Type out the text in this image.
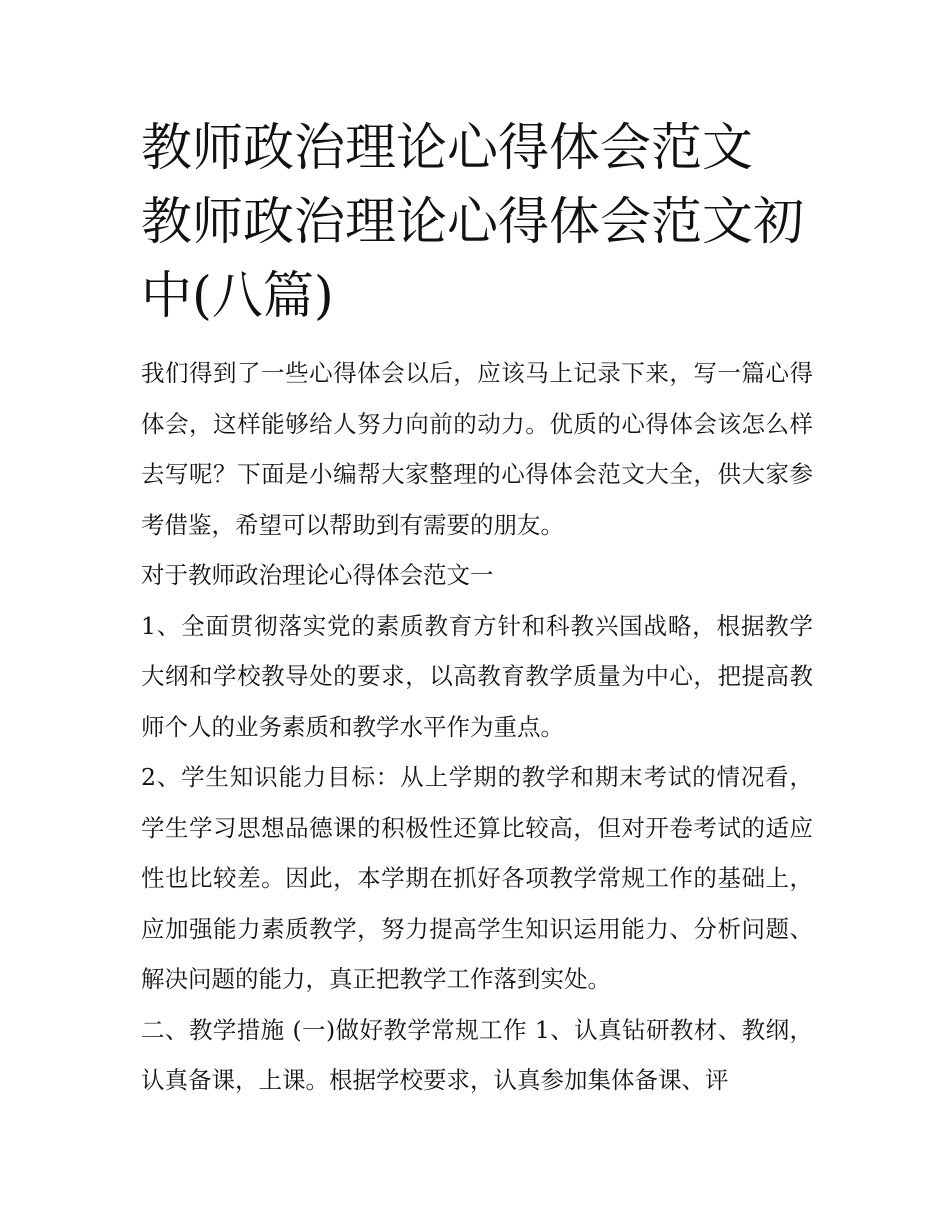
教师政治理论心得体会范文 教师政治理论心得体会范文初中(八篇)

我们得到了一些心得体会以后，应该马上记录下来，写一篇心得体会，这样能够给人努力向前的动力。优质的心得体会该怎么样去写呢？下面是小编帮大家整理的心得体会范文大全，供大家参考借鉴，希望可以帮助到有需要的朋友。

对于教师政治理论心得体会范文一

1、全面贯彻落实党的素质教育方针和科教兴国战略，根据教学大纲和学校教导处的要求，以高教育教学质量为中心，把提高教师个人的业务素质和教学水平作为重点。

2、学生知识能力目标：从上学期的教学和期末考试的情况看，学生学习思想品德课的积极性还算比较高，但对开卷考试的适应性也比较差。因此，本学期在抓好各项教学常规工作的基础上，应加强能力素质教学，努力提高学生知识运用能力、分析问题、解决问题的能力，真正把教学工作落到实处。

二、教学措施 (一)做好教学常规工作 1、认真钻研教材、教纲，认真备课，上课。根据学校要求，认真参加集体备课、评
